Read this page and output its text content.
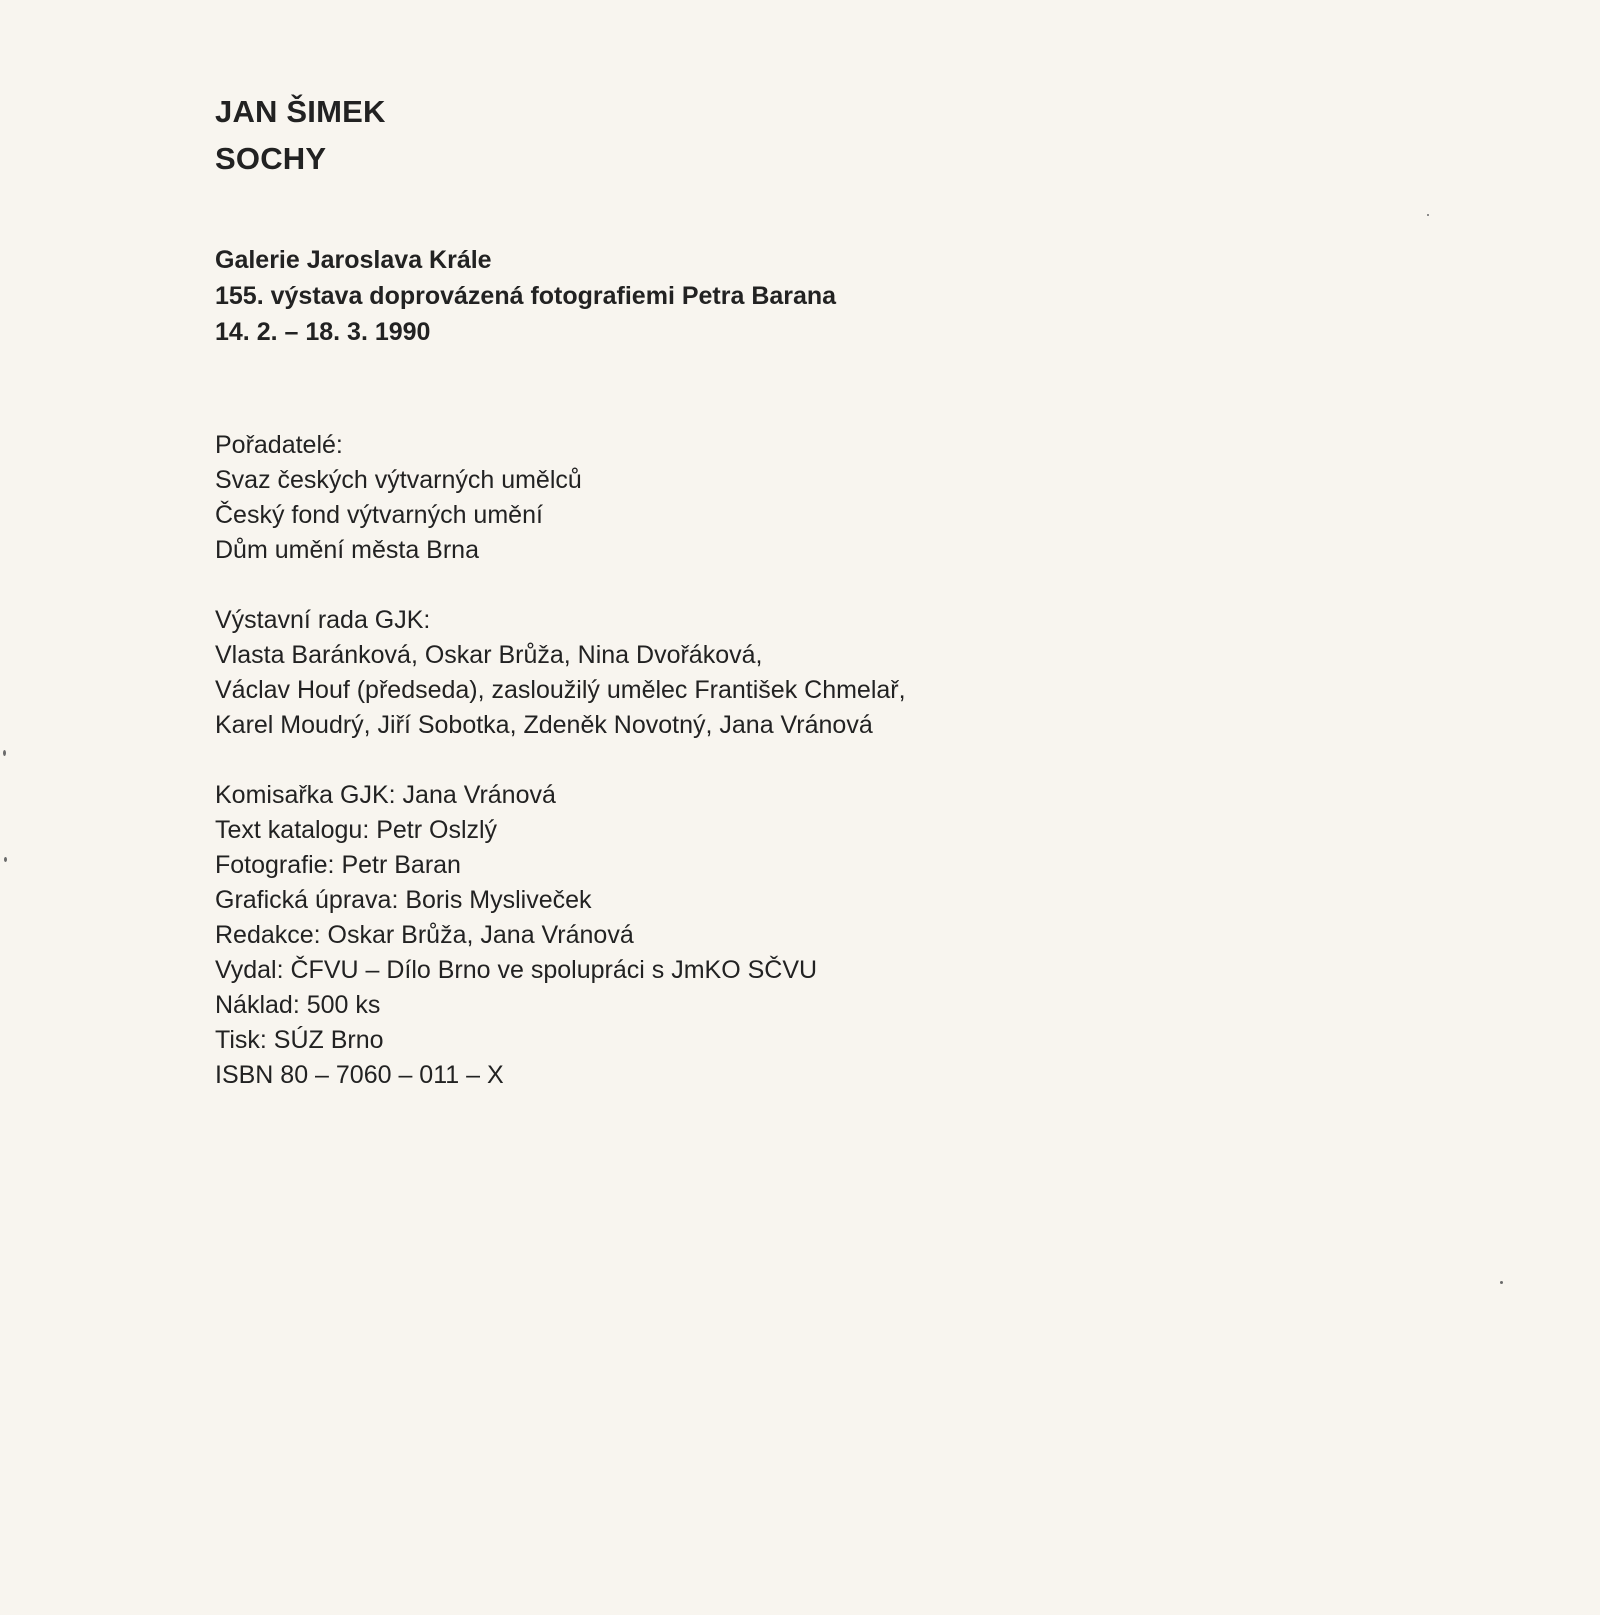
JAN ŠIMEK
SOCHY
Galerie Jaroslava Krále
155. výstava doprovázená fotografiemi Petra Barana
14. 2. – 18. 3. 1990
Pořadatelé:
Svaz českých výtvarných umělců
Český fond výtvarných umění
Dům umění města Brna
Výstavní rada GJK:
Vlasta Baránková, Oskar Brůža, Nina Dvořáková,
Václav Houf (předseda), zasloužilý umělec František Chmelař,
Karel Moudrý, Jiří Sobotka, Zdeněk Novotný, Jana Vránová
Komisařka GJK: Jana Vránová
Text katalogu: Petr Oslzlý
Fotografie: Petr Baran
Grafická úprava: Boris Mysliveček
Redakce: Oskar Brůža, Jana Vránová
Vydal: ČFVU – Dílo Brno ve spolupráci s JmKO SČVU
Náklad: 500 ks
Tisk: SÚZ Brno
ISBN 80 – 7060 – 011 – X
